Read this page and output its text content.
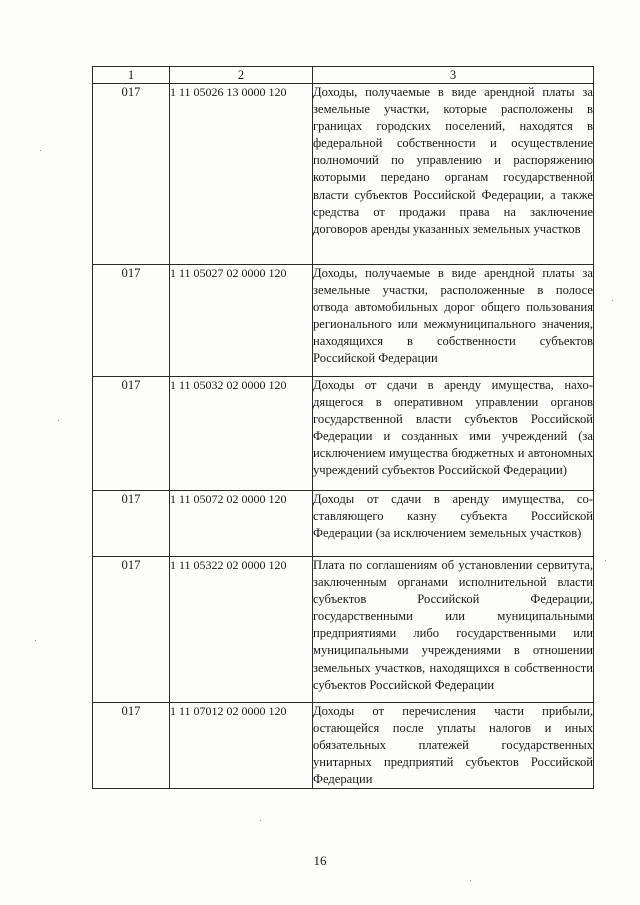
1	2	3
017	1 11 05026 13 0000 120	Доходы, получаемые в виде арендной платы за земельные участки, которые расположены в границах городских поселений, находятся в федеральной собственности и осуществление полномочий по управлению и распоряжению которыми передано органам государственной власти субъектов Российской Федерации, а также средства от продажи права на заключение договоров аренды указанных земельных участков
017	1 11 05027 02 0000 120	Доходы, получаемые в виде арендной платы за земельные участки, расположенные в полосе отвода автомобильных дорог общего пользования регионального или межмуниципального значения, находящихся в собственности субъектов Российской Федерации
017	1 11 05032 02 0000 120	Доходы от сдачи в аренду имущества, находящегося в оперативном управлении органов государственной власти субъектов Российской Федерации и созданных ими учреждений (за исключением имущества бюджетных и автономных учреждений субъектов Российской Федерации)
017	1 11 05072 02 0000 120	Доходы от сдачи в аренду имущества, составляющего казну субъекта Российской Федерации (за исключением земельных участков)
017	1 11 05322 02 0000 120	Плата по соглашениям об установлении сервитута, заключенным органами исполнительной власти субъектов Российской Федерации, государственными или муниципальными предприятиями либо государственными или муниципальными учреждениями в отношении земельных участков, находящихся в собственности субъектов Российской Федерации
017	1 11 07012 02 0000 120	Доходы от перечисления части прибыли, остающейся после уплаты налогов и иных обязательных платежей государственных унитарных предприятий субъектов Российской Федерации
16
